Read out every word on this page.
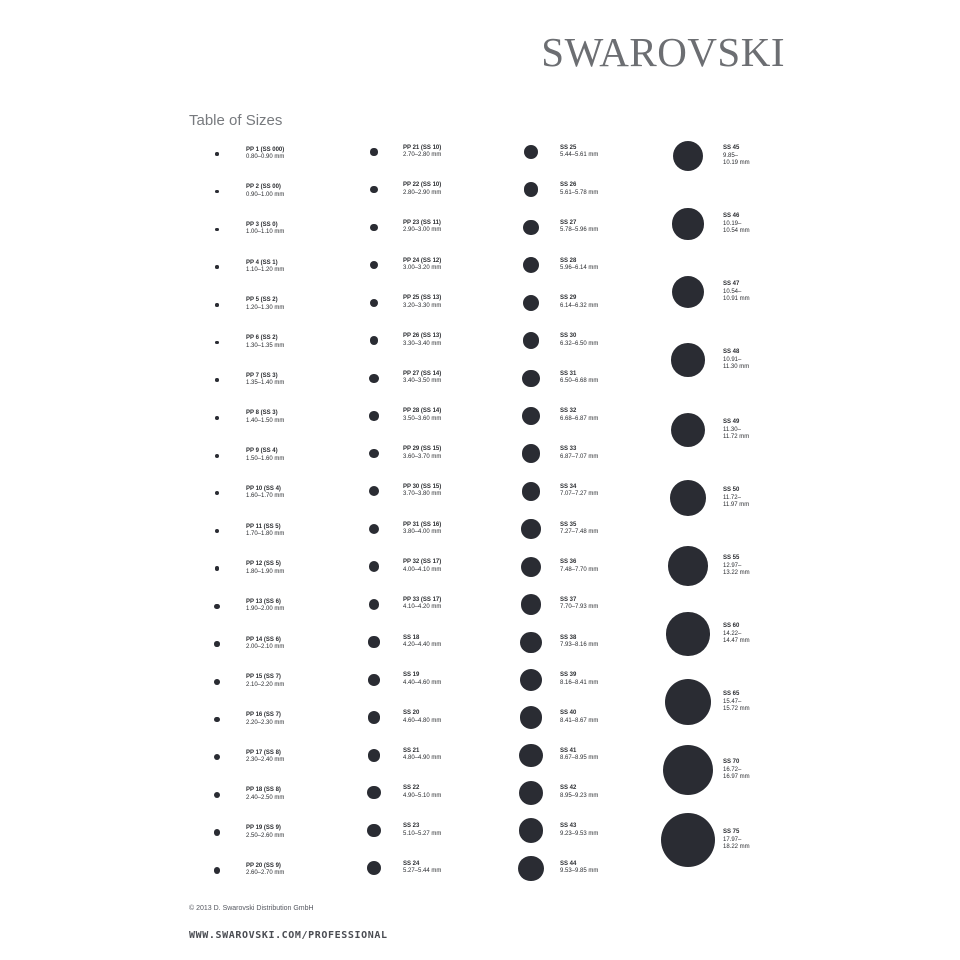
SWAROVSKI
Table of Sizes
© 2013 D. Swarovski Distribution GmbH
WWW.SWAROVSKI.COM/PROFESSIONAL
PP 1 (SS 000)
0.80–0.90 mm
PP 2 (SS 00)
0.90–1.00 mm
PP 3 (SS 0)
1.00–1.10 mm
PP 4 (SS 1)
1.10–1.20 mm
PP 5 (SS 2)
1.20–1.30 mm
PP 6 (SS 2)
1.30–1.35 mm
PP 7 (SS 3)
1.35–1.40 mm
PP 8 (SS 3)
1.40–1.50 mm
PP 9 (SS 4)
1.50–1.60 mm
PP 10 (SS 4)
1.60–1.70 mm
PP 11 (SS 5)
1.70–1.80 mm
PP 12 (SS 5)
1.80–1.90 mm
PP 13 (SS 6)
1.90–2.00 mm
PP 14 (SS 6)
2.00–2.10 mm
PP 15 (SS 7)
2.10–2.20 mm
PP 16 (SS 7)
2.20–2.30 mm
PP 17 (SS 8)
2.30–2.40 mm
PP 18 (SS 8)
2.40–2.50 mm
PP 19 (SS 9)
2.50–2.60 mm
PP 20 (SS 9)
2.60–2.70 mm
PP 21 (SS 10)
2.70–2.80 mm
PP 22 (SS 10)
2.80–2.90 mm
PP 23 (SS 11)
2.90–3.00 mm
PP 24 (SS 12)
3.00–3.20 mm
PP 25 (SS 13)
3.20–3.30 mm
PP 26 (SS 13)
3.30–3.40 mm
PP 27 (SS 14)
3.40–3.50 mm
PP 28 (SS 14)
3.50–3.60 mm
PP 29 (SS 15)
3.60–3.70 mm
PP 30 (SS 15)
3.70–3.80 mm
PP 31 (SS 16)
3.80–4.00 mm
PP 32 (SS 17)
4.00–4.10 mm
PP 33 (SS 17)
4.10–4.20 mm
SS 18
4.20–4.40 mm
SS 19
4.40–4.60 mm
SS 20
4.60–4.80 mm
SS 21
4.80–4.90 mm
SS 22
4.90–5.10 mm
SS 23
5.10–5.27 mm
SS 24
5.27–5.44 mm
SS 25
5.44–5.61 mm
SS 26
5.61–5.78 mm
SS 27
5.78–5.96 mm
SS 28
5.96–6.14 mm
SS 29
6.14–6.32 mm
SS 30
6.32–6.50 mm
SS 31
6.50–6.68 mm
SS 32
6.68–6.87 mm
SS 33
6.87–7.07 mm
SS 34
7.07–7.27 mm
SS 35
7.27–7.48 mm
SS 36
7.48–7.70 mm
SS 37
7.70–7.93 mm
SS 38
7.93–8.16 mm
SS 39
8.16–8.41 mm
SS 40
8.41–8.67 mm
SS 41
8.67–8.95 mm
SS 42
8.95–9.23 mm
SS 43
9.23–9.53 mm
SS 44
9.53–9.85 mm
SS 45
9.85–
10.19 mm
SS 46
10.19–
10.54 mm
SS 47
10.54–
10.91 mm
SS 48
10.91–
11.30 mm
SS 49
11.30–
11.72 mm
SS 50
11.72–
11.97 mm
SS 55
12.97–
13.22 mm
SS 60
14.22–
14.47 mm
SS 65
15.47–
15.72 mm
SS 70
16.72–
16.97 mm
SS 75
17.97–
18.22 mm
